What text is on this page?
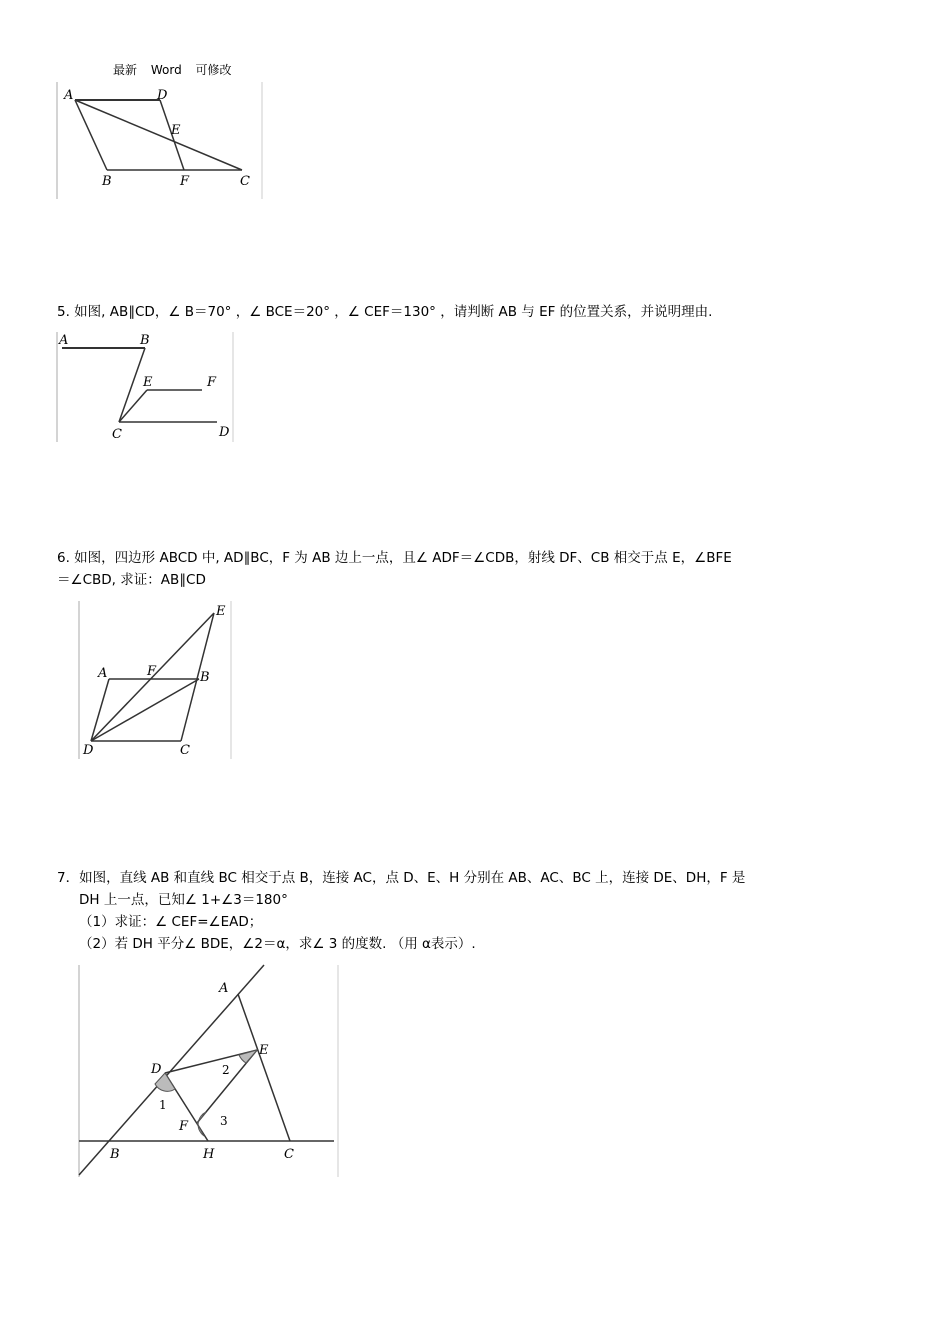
最新 Word 可修改
A	D
E
B	F	C
5. 如图, AB∥CD，∠ B＝70° ，∠ BCE＝20° ，∠ CEF＝130° ，请判断 AB 与 EF 的位置关系，并说明理由.
A	B
E	F
C	D
6. 如图，四边形 ABCD 中, AD∥BC，F 为 AB 边上一点，且∠ ADF＝∠CDB，射线 DF、CB 相交于点 E，∠BFE
＝∠CBD, 求证：AB∥CD
A	F
E
B
D	C
7．如图，直线 AB 和直线 BC 相交于点 B，连接 AC，点 D、E、H 分别在 AB、AC、BC 上，连接 DE、DH，F 是
DH 上一点，已知∠ 1+∠3＝180°
（1）求证：∠ CEF=∠EAD；
（2）若 DH 平分∠ BDE，∠2＝α，求∠ 3 的度数. （用 α表示）.
A
E
D
F
B	H	C
1
2
3
